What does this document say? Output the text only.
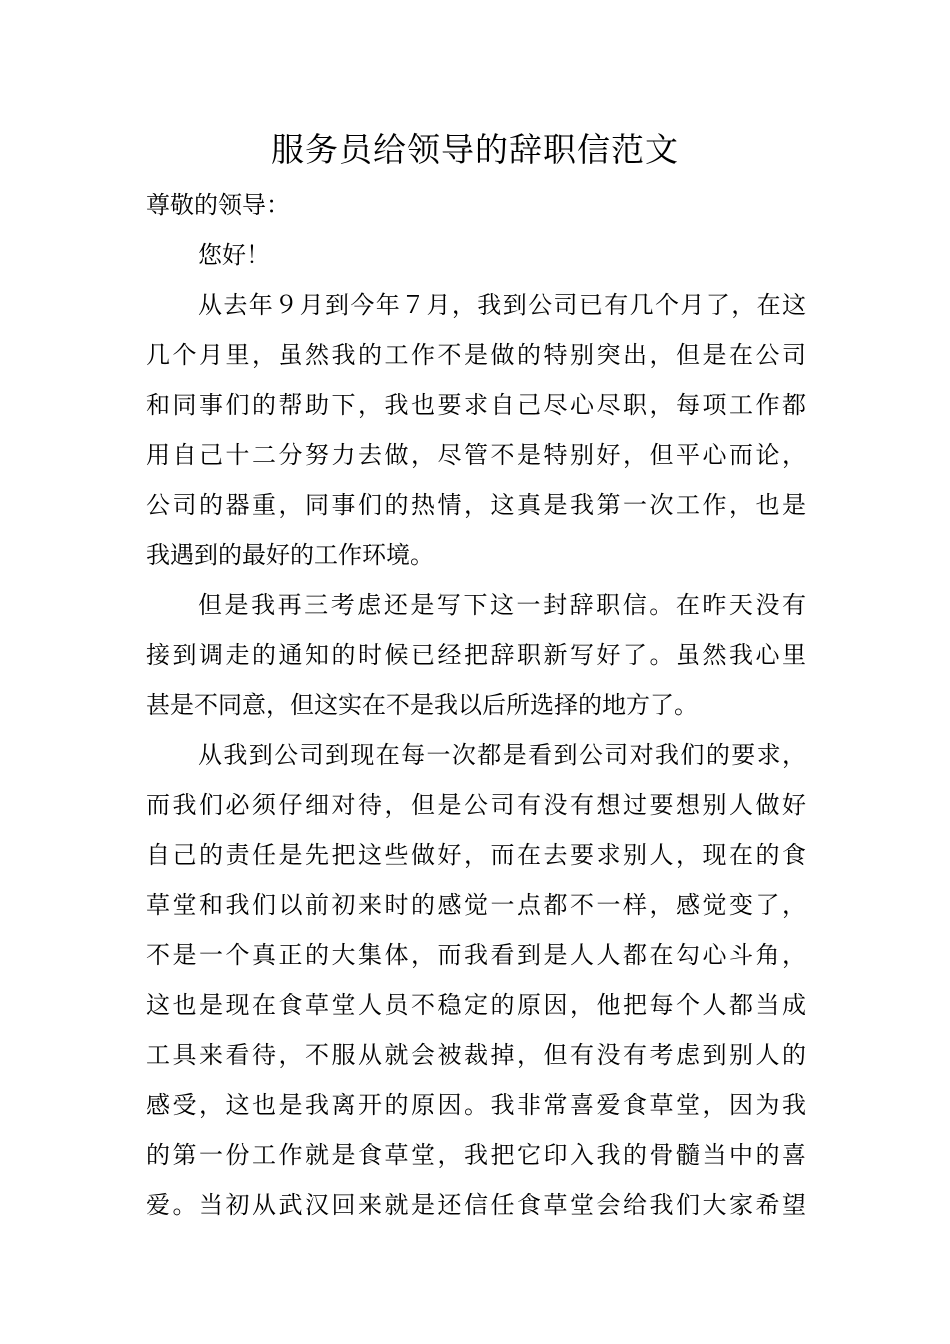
服务员给领导的辞职信范文
尊敬的领导：
您好！
从去年９月到今年７月，我到公司已有几个月了，在这
几个月里，虽然我的工作不是做的特别突出，但是在公司
和同事们的帮助下，我也要求自己尽心尽职，每项工作都
用自己十二分努力去做，尽管不是特别好，但平心而论，
公司的器重，同事们的热情，这真是我第一次工作，也是
我遇到的最好的工作环境。
但是我再三考虑还是写下这一封辞职信。在昨天没有
接到调走的通知的时候已经把辞职新写好了。虽然我心里
甚是不同意，但这实在不是我以后所选择的地方了。
从我到公司到现在每一次都是看到公司对我们的要求，
而我们必须仔细对待，但是公司有没有想过要想别人做好
自己的责任是先把这些做好，而在去要求别人，现在的食
草堂和我们以前初来时的感觉一点都不一样，感觉变了，
不是一个真正的大集体，而我看到是人人都在勾心斗角，
这也是现在食草堂人员不稳定的原因，他把每个人都当成
工具来看待，不服从就会被裁掉，但有没有考虑到别人的
感受，这也是我离开的原因。我非常喜爱食草堂，因为我
的第一份工作就是食草堂，我把它印入我的骨髓当中的喜
爱。当初从武汉回来就是还信任食草堂会给我们大家希望
